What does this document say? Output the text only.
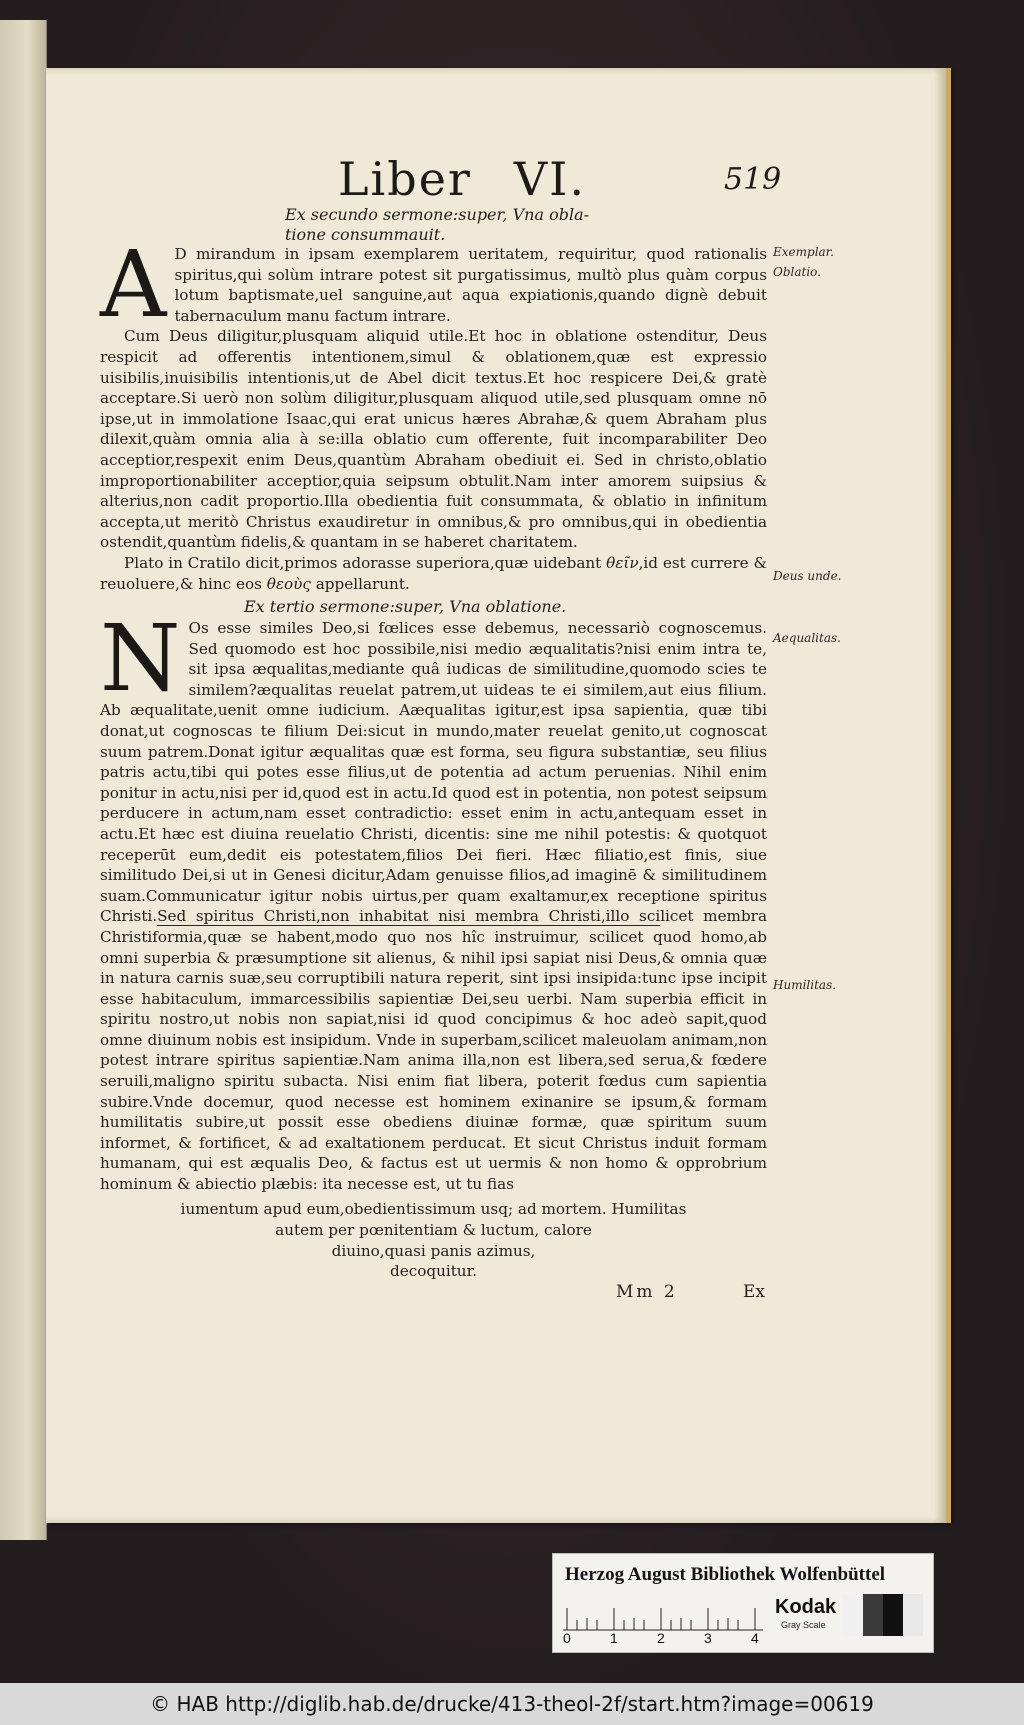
Liber VI.	519
Ex secundo sermone:super, Vna obla-
tione consummauit.
A D mirandum in ipsam exemplarem ueritatem, requiritur, quod rationalis spiritus,qui solùm intrare potest sit purgatissimus, multò plus quàm corpus lotum baptismate,uel sanguine,aut aqua expiationis,quando dignè debuit tabernaculum manu factum intrare.

Cum Deus diligitur,plusquam aliquid utile.Et hoc in oblatione ostenditur, Deus respicit ad offerentis intentionem,simul & oblationem,quæ est expressio uisibilis,inuisibilis intentionis,ut de Abel dicit textus.Et hoc respicere Dei,& gratè acceptare.Si uerò non solùm diligitur,plusquam aliquod utile,sed plusquam omne nō ipse,ut in immolatione Isaac,qui erat unicus hæres Abrahæ,& quem Abraham plus dilexit,quàm omnia alia à se:illa oblatio cum offerente, fuit incomparabiliter Deo acceptior,respexit enim Deus,quantùm Abraham obediuit ei. Sed in christo,oblatio improportionabiliter acceptior,quia seipsum obtulit.Nam inter amorem suipsius & alterius,non cadit proportio.Illa obedientia fuit consummata, & oblatio in infinitum accepta,ut meritò Christus exaudiretur in omnibus,& pro omnibus,qui in obedientia ostendit,quantùm fidelis,& quantam in se haberet charitatem.

Plato in Cratilo dicit,primos adorasse superiora,quæ uidebant θεῖν,id est currere & reuoluere,& hinc eos θεοὺς appellarunt.

Ex tertio sermone:super, Vna oblatione.
N Os esse similes Deo,si fœlices esse debemus, necessariò cognoscemus. Sed quomodo est hoc possibile,nisi medio æqualitatis?nisi enim intra te, sit ipsa æqualitas,mediante quâ iudicas de similitudine,quomodo scies te similem?æqualitas reuelat patrem,ut uideas te ei similem,aut eius filium. Ab æqualitate,uenit omne iudicium. Aæqualitas igitur,est ipsa sapientia, quæ tibi donat,ut cognoscas te filium Dei:sicut in mundo,mater reuelat genito,ut cognoscat suum patrem.Donat igitur æqualitas quæ est forma, seu figura substantiæ, seu filius patris actu,tibi qui potes esse filius,ut de potentia ad actum peruenias. Nihil enim ponitur in actu,nisi per id,quod est in actu.Id quod est in potentia, non potest seipsum perducere in actum,nam esset contradictio: esset enim in actu,antequam esset in actu.Et hæc est diuina reuelatio Christi, dicentis: sine me nihil potestis: & quotquot receperūt eum,dedit eis potestatem,filios Dei fieri. Hæc filiatio,est finis, siue similitudo Dei,si ut in Genesi dicitur,Adam genuisse filios,ad imaginē & similitudinem suam.Communicatur igitur nobis uirtus,per quam exaltamur,ex receptione spiritus Christi.Sed spiritus Christi,non inhabitat nisi membra Christi,illo scilicet membra Christiformia,quæ se habent,modo quo nos hîc instruimur, scilicet quod homo,ab omni superbia & præsumptione sit alienus, & nihil ipsi sapiat nisi Deus,& omnia quæ in natura carnis suæ,seu corruptibili natura reperit, sint ipsi insipida:tunc ipse incipit esse habitaculum, immarcessibilis sapientiæ Dei,seu uerbi. Nam superbia efficit in spiritu nostro,ut nobis non sapiat,nisi id quod concipimus & hoc adeò sapit,quod omne diuinum nobis est insipidum. Vnde in superbam,scilicet maleuolam animam,non potest intrare spiritus sapientiæ.Nam anima illa,non est libera,sed serua,& fœdere seruili,maligno spiritu subacta. Nisi enim fiat libera, poterit fœdus cum sapientia subire.Vnde docemur, quod necesse est hominem exinanire se ipsum,& formam humilitatis subire,ut possit esse obediens diuinæ formæ, quæ spiritum suum informet, & fortificet, & ad exaltationem perducat. Et sicut Christus induit formam humanam, qui est æqualis Deo, & factus est ut uermis & non homo & opprobrium hominum & abiectio plæbis: ita necesse est, ut tu fias

iumentum apud eum,obedientissimum usq; ad mortem. Humilitas

autem per pœnitentiam & luctum, calore

diuino,quasi panis azimus,

decoquitur.

Exemplar.
Oblatio.
Deus unde.
Aequalitas.
Humilitas.
Mm 2	Ex
Herzog August Bibliothek Wolfenbüttel
0	1	2	3	4
Kodak
Gray Scale
© HAB http://diglib.hab.de/drucke/413-theol-2f/start.htm?image=00619
